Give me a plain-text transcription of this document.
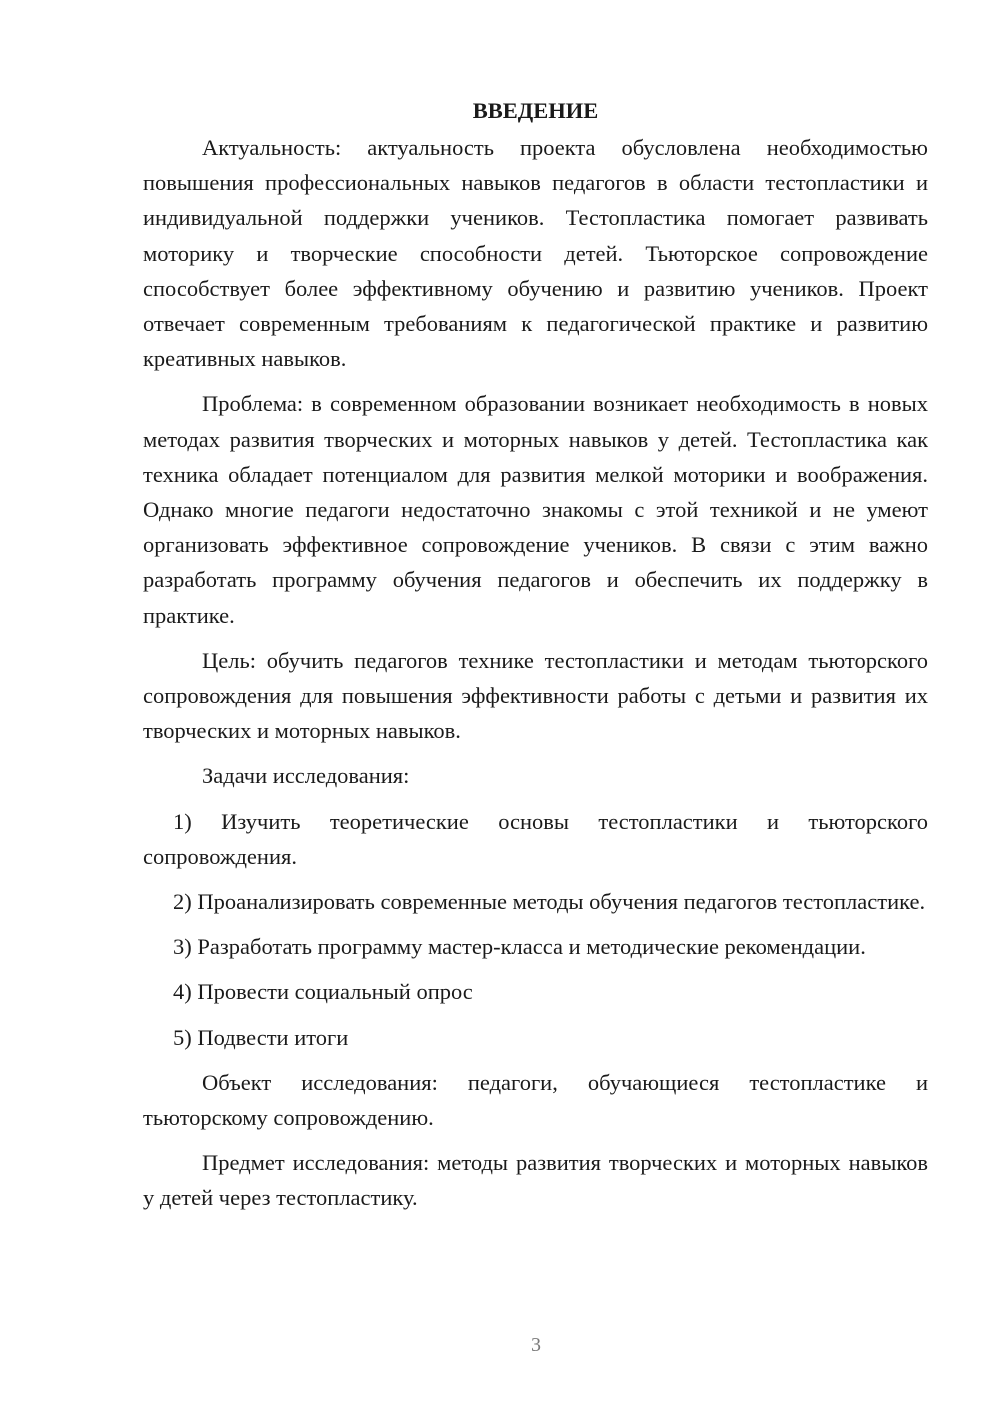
ВВЕДЕНИЕ

Актуальность: актуальность проекта обусловлена необходимостью повышения профессиональных навыков педагогов в области тестопластики и индивидуальной поддержки учеников. Тестопластика помогает развивать моторику и творческие способности детей. Тьюторское сопровождение способствует более эффективному обучению и развитию учеников. Проект отвечает современным требованиям к педагогической практике и развитию креативных навыков.

Проблема: в современном образовании возникает необходимость в новых методах развития творческих и моторных навыков у детей. Тестопластика как техника обладает потенциалом для развития мелкой моторики и воображения. Однако многие педагоги недостаточно знакомы с этой техникой и не умеют организовать эффективное сопровождение учеников. В связи с этим важно разработать программу обучения педагогов и обеспечить их поддержку в практике.

Цель: обучить педагогов технике тестопластики и методам тьюторского сопровождения для повышения эффективности работы с детьми и развития их творческих и моторных навыков.

Задачи исследования:

1) Изучить теоретические основы тестопластики и тьюторского сопровождения.

2) Проанализировать современные методы обучения педагогов тестопластике.

3) Разработать программу мастер-класса и методические рекомендации.

4) Провести социальный опрос

5) Подвести итоги

Объект исследования: педагоги, обучающиеся тестопластике и тьюторскому сопровождению.

Предмет исследования: методы развития творческих и моторных навыков у детей через тестопластику.

3
